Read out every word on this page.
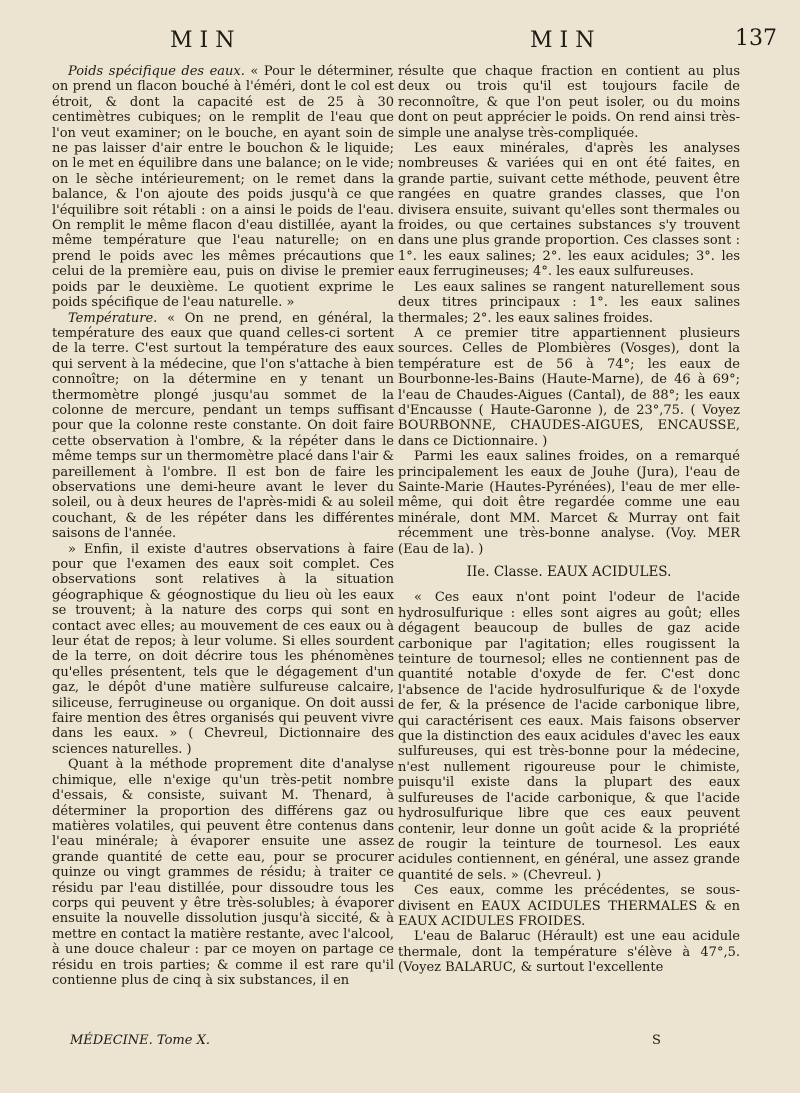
MIN	MIN	137

Poids spécifique des eaux. « Pour le déterminer, on prend un flacon bouché à l'éméri, dont le col est étroit, & dont la capacité est de 25 à 30 centimètres cubiques; on le remplit de l'eau que l'on veut examiner; on le bouche, en ayant soin de ne pas laisser d'air entre le bouchon & le liquide; on le met en équilibre dans une balance; on le vide; on le sèche intérieurement; on le remet dans la balance, & l'on ajoute des poids jusqu'à ce que l'équilibre soit rétabli : on a ainsi le poids de l'eau. On remplit le même flacon d'eau distillée, ayant la même température que l'eau naturelle; on en prend le poids avec les mêmes précautions que celui de la première eau, puis on divise le premier poids par le deuxième. Le quotient exprime le poids spécifique de l'eau naturelle. »

Température. « On ne prend, en général, la température des eaux que quand celles-ci sortent de la terre. C'est surtout la température des eaux qui servent à la médecine, que l'on s'attache à bien connoître; on la détermine en y tenant un thermomètre plongé jusqu'au sommet de la colonne de mercure, pendant un temps suffisant pour que la colonne reste constante. On doit faire cette observation à l'ombre, & la répéter dans le même temps sur un thermomètre placé dans l'air & pareillement à l'ombre. Il est bon de faire les observations une demi-heure avant le lever du soleil, ou à deux heures de l'après-midi & au soleil couchant, & de les répéter dans les différentes saisons de l'année.

» Enfin, il existe d'autres observations à faire pour que l'examen des eaux soit complet. Ces observations sont relatives à la situation géographique & géognostique du lieu où les eaux se trouvent; à la nature des corps qui sont en contact avec elles; au mouvement de ces eaux ou à leur état de repos; à leur volume. Si elles sourdent de la terre, on doit décrire tous les phénomènes qu'elles présentent, tels que le dégagement d'un gaz, le dépôt d'une matière sulfureuse calcaire, siliceuse, ferrugineuse ou organique. On doit aussi faire mention des êtres organisés qui peuvent vivre dans les eaux. » ( Chevreul, Dictionnaire des sciences naturelles. )

Quant à la méthode proprement dite d'analyse chimique, elle n'exige qu'un très-petit nombre d'essais, & consiste, suivant M. Thenard, à déterminer la proportion des différens gaz ou matières volatiles, qui peuvent être contenus dans l'eau minérale; à évaporer ensuite une assez grande quantité de cette eau, pour se procurer quinze ou vingt grammes de résidu; à traiter ce résidu par l'eau distillée, pour dissoudre tous les corps qui peuvent y être très-solubles; à évaporer ensuite la nouvelle dissolution jusqu'à siccité, & à mettre en contact la matière restante, avec l'alcool, à une douce chaleur : par ce moyen on partage ce résidu en trois parties; & comme il est rare qu'il contienne plus de cinq à six substances, il en

résulte que chaque fraction en contient au plus deux ou trois qu'il est toujours facile de reconnoître, & que l'on peut isoler, ou du moins dont on peut apprécier le poids. On rend ainsi très-simple une analyse très-compliquée.

Les eaux minérales, d'après les analyses nombreuses & variées qui en ont été faites, en grande partie, suivant cette méthode, peuvent être rangées en quatre grandes classes, que l'on divisera ensuite, suivant qu'elles sont thermales ou froides, ou que certaines substances s'y trouvent dans une plus grande proportion. Ces classes sont : 1°. les eaux salines; 2°. les eaux acidules; 3°. les eaux ferrugineuses; 4°. les eaux sulfureuses.

Les eaux salines se rangent naturellement sous deux titres principaux : 1°. les eaux salines thermales; 2°. les eaux salines froides.

A ce premier titre appartiennent plusieurs sources. Celles de Plombières (Vosges), dont la température est de 56 à 74°; les eaux de Bourbonne-les-Bains (Haute-Marne), de 46 à 69°; l'eau de Chaudes-Aigues (Cantal), de 88°; les eaux d'Encausse ( Haute-Garonne ), de 23°,75. ( Voyez BOURBONNE, CHAUDES-AIGUES, ENCAUSSE, dans ce Dictionnaire. )

Parmi les eaux salines froides, on a remarqué principalement les eaux de Jouhe (Jura), l'eau de Sainte-Marie (Hautes-Pyrénées), l'eau de mer elle-même, qui doit être regardée comme une eau minérale, dont MM. Marcet & Murray ont fait récemment une très-bonne analyse. (Voy. MER (Eau de la). )

IIe. Classe. EAUX ACIDULES.

« Ces eaux n'ont point l'odeur de l'acide hydrosulfurique : elles sont aigres au goût; elles dégagent beaucoup de bulles de gaz acide carbonique par l'agitation; elles rougissent la teinture de tournesol; elles ne contiennent pas de quantité notable d'oxyde de fer. C'est donc l'absence de l'acide hydrosulfurique & de l'oxyde de fer, & la présence de l'acide carbonique libre, qui caractérisent ces eaux. Mais faisons observer que la distinction des eaux acidules d'avec les eaux sulfureuses, qui est très-bonne pour la médecine, n'est nullement rigoureuse pour le chimiste, puisqu'il existe dans la plupart des eaux sulfureuses de l'acide carbonique, & que l'acide hydrosulfurique libre que ces eaux peuvent contenir, leur donne un goût acide & la propriété de rougir la teinture de tournesol. Les eaux acidules contiennent, en général, une assez grande quantité de sels. » (Chevreul. )

Ces eaux, comme les précédentes, se sous-divisent en EAUX ACIDULES THERMALES & en EAUX ACIDULES FROIDES.

L'eau de Balaruc (Hérault) est une eau acidule thermale, dont la température s'élève à 47°,5. (Voyez BALARUC, & surtout l'excellente

MÉDECINE. Tome X.	S
